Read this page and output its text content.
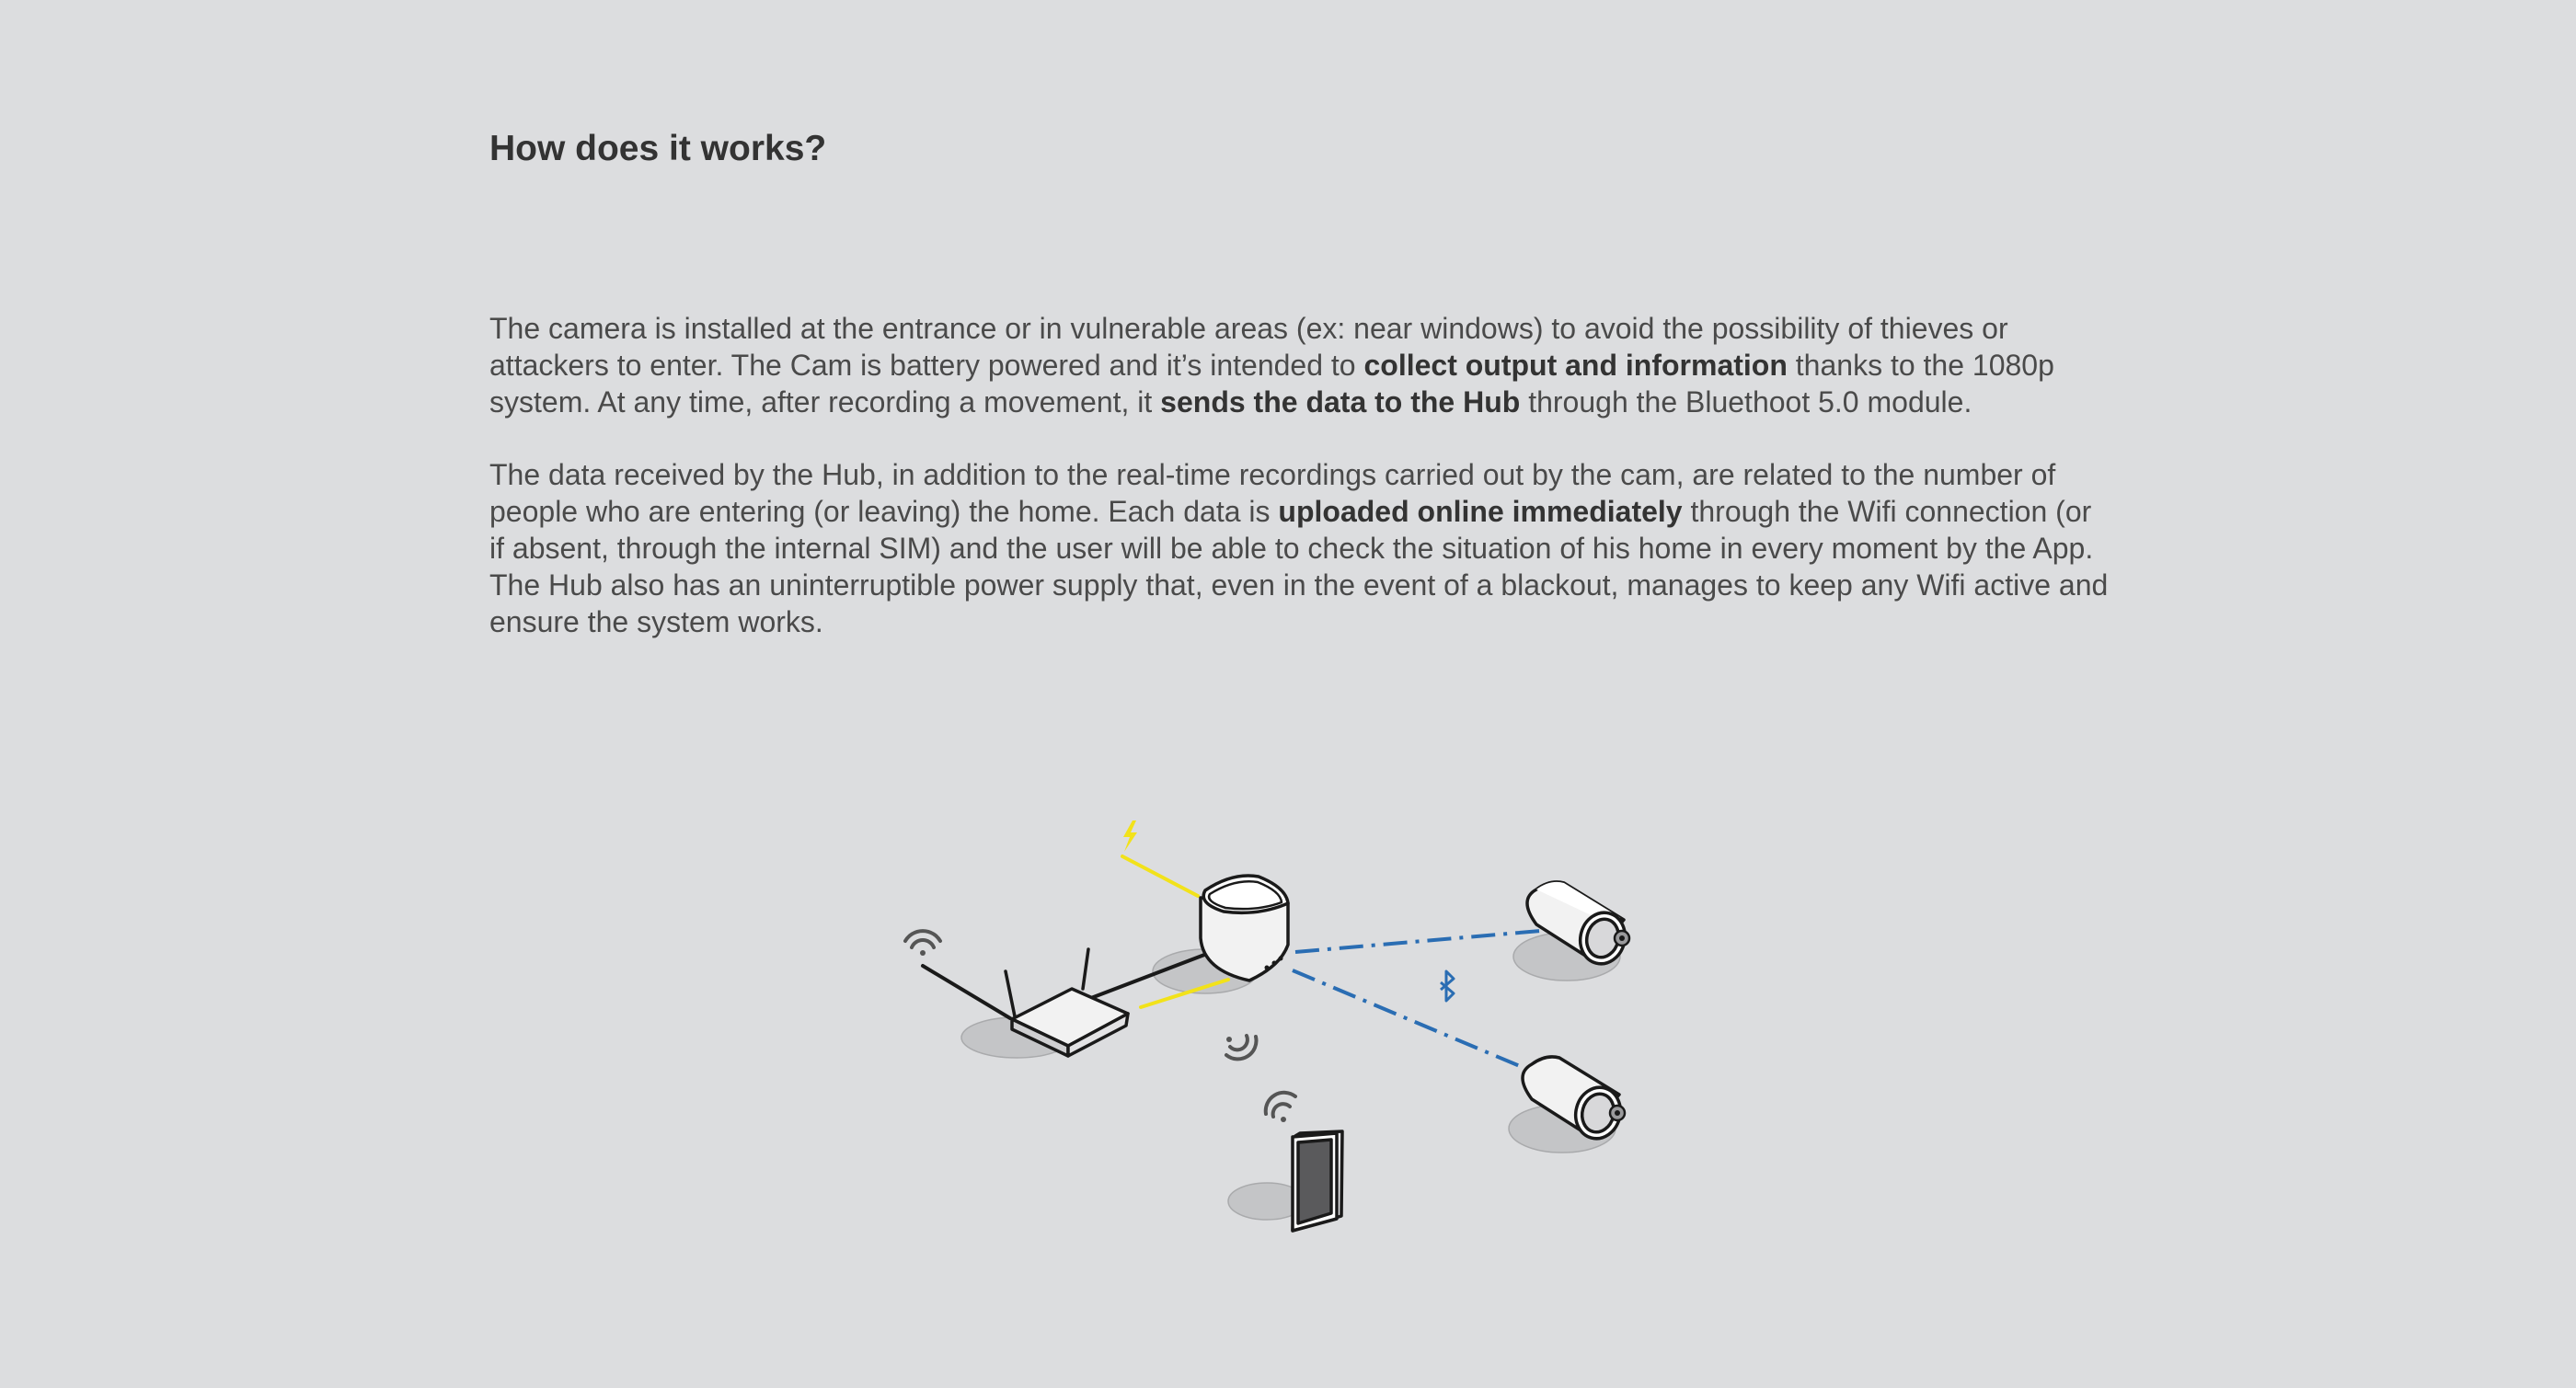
How does it works?

The camera is installed at the entrance or in vulnerable areas (ex: near windows) to avoid the possibility of thieves or attackers to enter. The Cam is battery powered and it’s intended to collect output and information thanks to the 1080p system. At any time, after recording a movement, it sends the data to the Hub through the Bluethoot 5.0 module.

The data received by the Hub, in addition to the real-time recordings carried out by the cam, are related to the number of people who are entering (or leaving) the home. Each data is uploaded online immediately through the Wifi connection (or if absent, through the internal SIM) and the user will be able to check the situation of his home in every moment by the App. The Hub also has an uninterruptible power supply that, even in the event of a blackout, manages to keep any Wifi active and ensure the system works.
